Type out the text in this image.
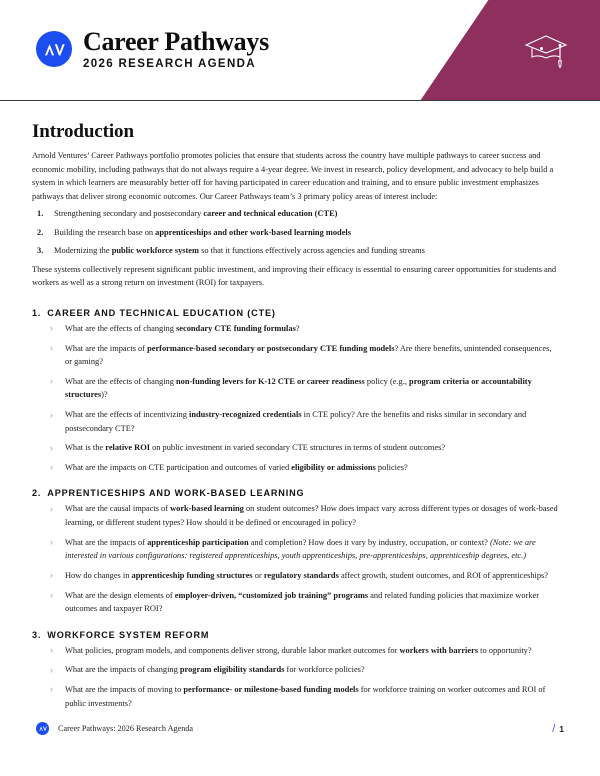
Career Pathways
2026 RESEARCH AGENDA
Introduction

Arnold Ventures’ Career Pathways portfolio promotes policies that ensure that students across the country have multiple pathways to career success and economic mobility, including pathways that do not always require a 4-year degree. We invest in research, policy development, and advocacy to help build a system in which learners are measurably better off for having participated in career education and training, and to ensure public investment emphasizes pathways that deliver strong economic outcomes. Our Career Pathways team’s 3 primary policy areas of interest include:

Strengthening secondary and postsecondary career and technical education (CTE)
Building the research base on apprenticeships and other work-based learning models
Modernizing the public workforce system so that it functions effectively across agencies and funding streams

These systems collectively represent significant public investment, and improving their efficacy is essential to ensuring career opportunities for students and workers as well as a strong return on investment (ROI) for taxpayers.

1. CAREER AND TECHNICAL EDUCATION (CTE)
› What are the effects of changing secondary CTE funding formulas?
› What are the impacts of performance-based secondary or postsecondary CTE funding models? Are there benefits, unintended consequences, or gaming?
› What are the effects of changing non-funding levers for K-12 CTE or career readiness policy (e.g., program criteria or accountability structures)?
› What are the effects of incentivizing industry-recognized credentials in CTE policy? Are the benefits and risks similar in secondary and postsecondary CTE?
› What is the relative ROI on public investment in varied secondary CTE structures in terms of student outcomes?
› What are the impacts on CTE participation and outcomes of varied eligibility or admissions policies?
2. APPRENTICESHIPS AND WORK-BASED LEARNING
› What are the causal impacts of work-based learning on student outcomes? How does impact vary across different types or dosages of work-based learning, or different student types? How should it be defined or encouraged in policy?
› What are the impacts of apprenticeship participation and completion? How does it vary by industry, occupation, or context? (Note: we are interested in various configurations: registered apprenticeships, youth apprenticeships, pre-apprenticeships, apprenticeship degrees, etc.)
› How do changes in apprenticeship funding structures or regulatory standards affect growth, student outcomes, and ROI of apprenticeships?
› What are the design elements of employer-driven, “customized job training” programs and related funding policies that maximize worker outcomes and taxpayer ROI?
3. WORKFORCE SYSTEM REFORM
› What policies, program models, and components deliver strong, durable labor market outcomes for workers with barriers to opportunity?
› What are the impacts of changing program eligibility standards for workforce policies?
› What are the impacts of moving to performance- or milestone-based funding models for workforce training on worker outcomes and ROI of public investments?
Career Pathways: 2026 Research Agenda	/ 1
